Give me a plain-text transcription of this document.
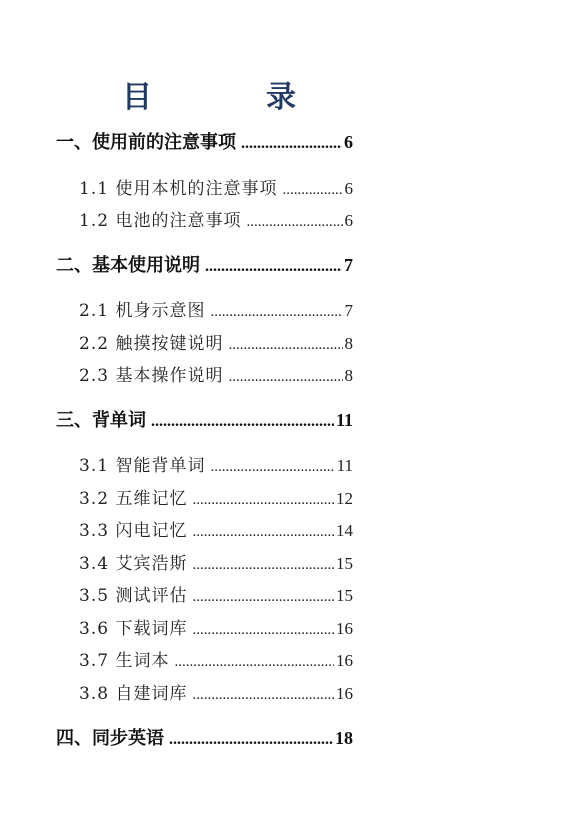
目	录
一、使用前的注意事项 .....	6
1.1 使用本机的注意事项 .....	6
1.2 电池的注意事项 .....	6
二、基本使用说明 .....	7
2.1 机身示意图 .....	7
2.2 触摸按键说明 .....	8
2.3 基本操作说明 .....	8
三、背单词 .....	11
3.1 智能背单词 .....	11
3.2 五维记忆 .....	12
3.3 闪电记忆 .....	14
3.4 艾宾浩斯 .....	15
3.5 测试评估 .....	15
3.6 下载词库 .....	16
3.7 生词本 .....	16
3.8 自建词库 .....	16
四、同步英语 .....	18
